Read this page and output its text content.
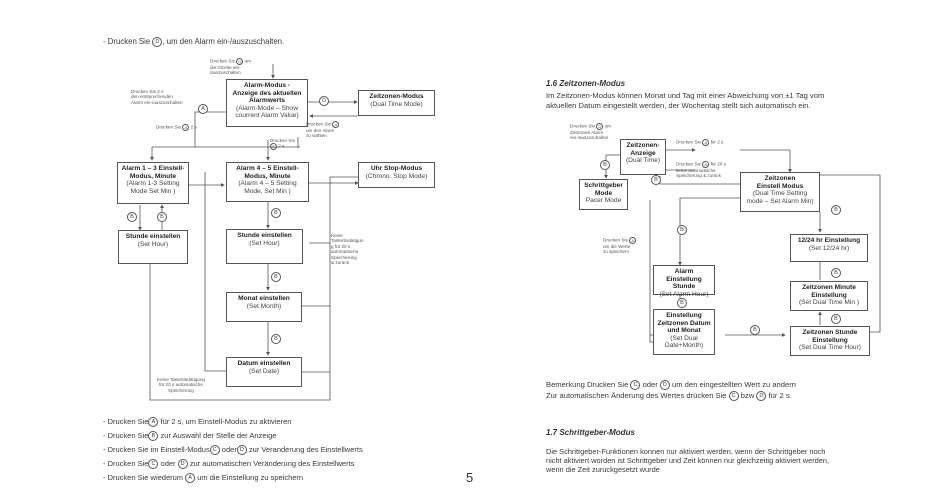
- Drucken Sie D , um den Alarm ein-/auszuschalten.
Drucken Sie D um
die Glocke ein-
/auszuschalten
Drucken Sie 2 s
den entsprechenden
Alarm ein-/auszuschalten
Alarm-Modus -
Anzeige des aktuellen
Alarmwerts
(Alarm-Mode – Show
courrent Alarm Value)
A
D
Zeitzonen-Modus
(Dual Time Mode)
Drucken Sie A 2 s
Drucken Sie A
um den Alarm
zu wählen
Drucken Sie
A 2 s
Alarm 1 – 3 Einstell-
Modus, Minute
(Alarm 1-3 Setting
Mode Set Min )
Alarm 4 – 5 Einstell-
Modus, Minute
(Alarm 4 – 5 Setting
Mode, Set Min )
Uhr Stop-Modus
(Chrono. Stop Mode)
B	B
B
Stunde einstellen
(Set Hour)
Stunde einstellen
(Set Hour)
Keine
Tastenbetätigun
g für 20 s
automatische
Speicherung
& zurück
B
Monat einstellen
(Set Month)
B
Datum einstellen
(Set Date)
Keine Tastenbetätigung
für 20 s automatische
Speicherung
- Drucken Sie A für 2 s, um Einstell-Modus zu aktivieren
- Drucken Sie B zur Auswahl der Stelle der Anzeige
- Drucken Sie im Einstell-Modus C oder D zur Veranderung des Einstellwerts
- Drucken Sie C oder D zur automatischen Veränderung des Einstellwerts
- Drucken Sie wiederum A um die Einstellung zu speichern	5
1.6 Zeitzonen-Modus
Im Zeitzonen-Modus können Monat und Tag mit einer Abweichung von ±1 Tag vom
aktuellen Datum eingestellt werden, der Wochentag stellt sich automatisch ein.
Drucken Sie D um
Zeitzonen Alarm
ein-/auszuschalten
Zeitzonen-
Anzeige
(Dual Time)
Drucken Sie A für 2 s
Drucken Sie A für 20 s
keine automatische
Speicherung & zurück
B
B
Schrittgeber
Mode
Pacer Mode
Zeitzonen
Einstell Modus
(Dual Time Setting
mode – Set Alarm Min)
B
B
Drucken Sie A
um die Werte
zu speichern
12/24 hr Einstellung
(Set 12/24 hr)
B
Alarm Einstellung
Stunde
(Set Alarm Hour)
Zeitzonen Minute
Einstellung
(Set Dual Time Min )
B
B
Einstellung
Zeitzonen Datum
und Monat
(Set Dual
Date+Month)
B	Zeitzonen Stunde
Einstellung
(Set Dual Time Hour)
Bemerkung Drucken Sie C oder D um den eingestellten Wert zu andern
Zur automatischen Änderung des Wertes drücken Sie C bzw D für 2 s.
1.7 Schrittgeber-Modus
Die Schrittgeber-Funktionen konnen nur aktiviert werden, wenn der Schrittgeber noch
nicht aktiviert worden ist Schrittgeber und Zeit können nur gleichzeitig aktiviert werden,
wenn die Zeit zuruckgesetzt wurde
